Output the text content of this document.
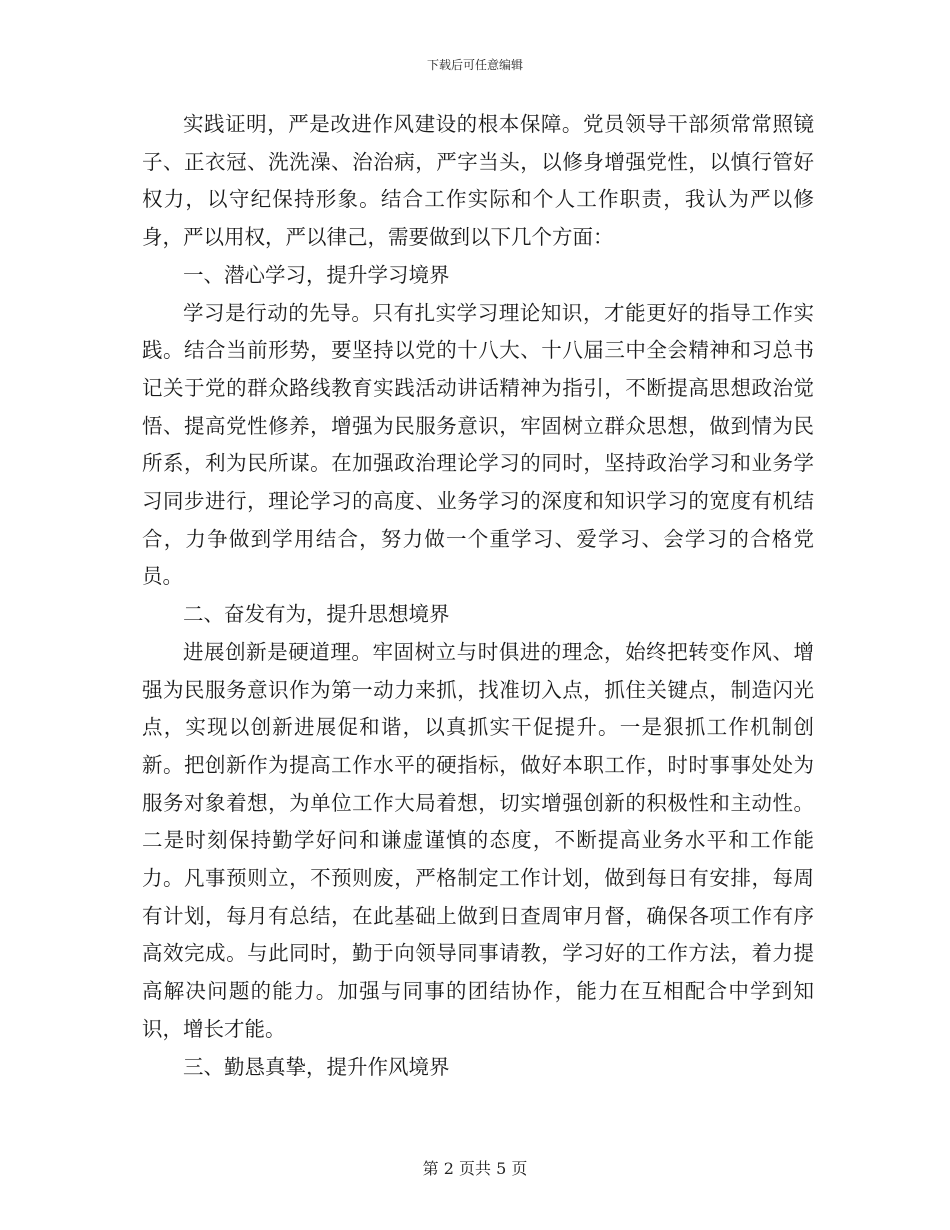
下载后可任意编辑

实践证明，严是改进作风建设的根本保障。党员领导干部须常常照镜子、正衣冠、洗洗澡、治治病，严字当头，以修身增强党性，以慎行管好权力，以守纪保持形象。结合工作实际和个人工作职责，我认为严以修身，严以用权，严以律己，需要做到以下几个方面：

一、潜心学习，提升学习境界

学习是行动的先导。只有扎实学习理论知识，才能更好的指导工作实践。结合当前形势，要坚持以党的十八大、十八届三中全会精神和习总书记关于党的群众路线教育实践活动讲话精神为指引，不断提高思想政治觉悟、提高党性修养，增强为民服务意识，牢固树立群众思想，做到情为民所系，利为民所谋。在加强政治理论学习的同时，坚持政治学习和业务学习同步进行，理论学习的高度、业务学习的深度和知识学习的宽度有机结合，力争做到学用结合，努力做一个重学习、爱学习、会学习的合格党员。

二、奋发有为，提升思想境界

进展创新是硬道理。牢固树立与时俱进的理念，始终把转变作风、增强为民服务意识作为第一动力来抓，找准切入点，抓住关键点，制造闪光点，实现以创新进展促和谐，以真抓实干促提升。一是狠抓工作机制创新。把创新作为提高工作水平的硬指标，做好本职工作，时时事事处处为服务对象着想，为单位工作大局着想，切实增强创新的积极性和主动性。二是时刻保持勤学好问和谦虚谨慎的态度，不断提高业务水平和工作能力。凡事预则立，不预则废，严格制定工作计划，做到每日有安排，每周有计划，每月有总结，在此基础上做到日查周审月督，确保各项工作有序高效完成。与此同时，勤于向领导同事请教，学习好的工作方法，着力提高解决问题的能力。加强与同事的团结协作，能力在互相配合中学到知识，增长才能。

三、勤恳真挚，提升作风境界

第 2 页共 5 页
